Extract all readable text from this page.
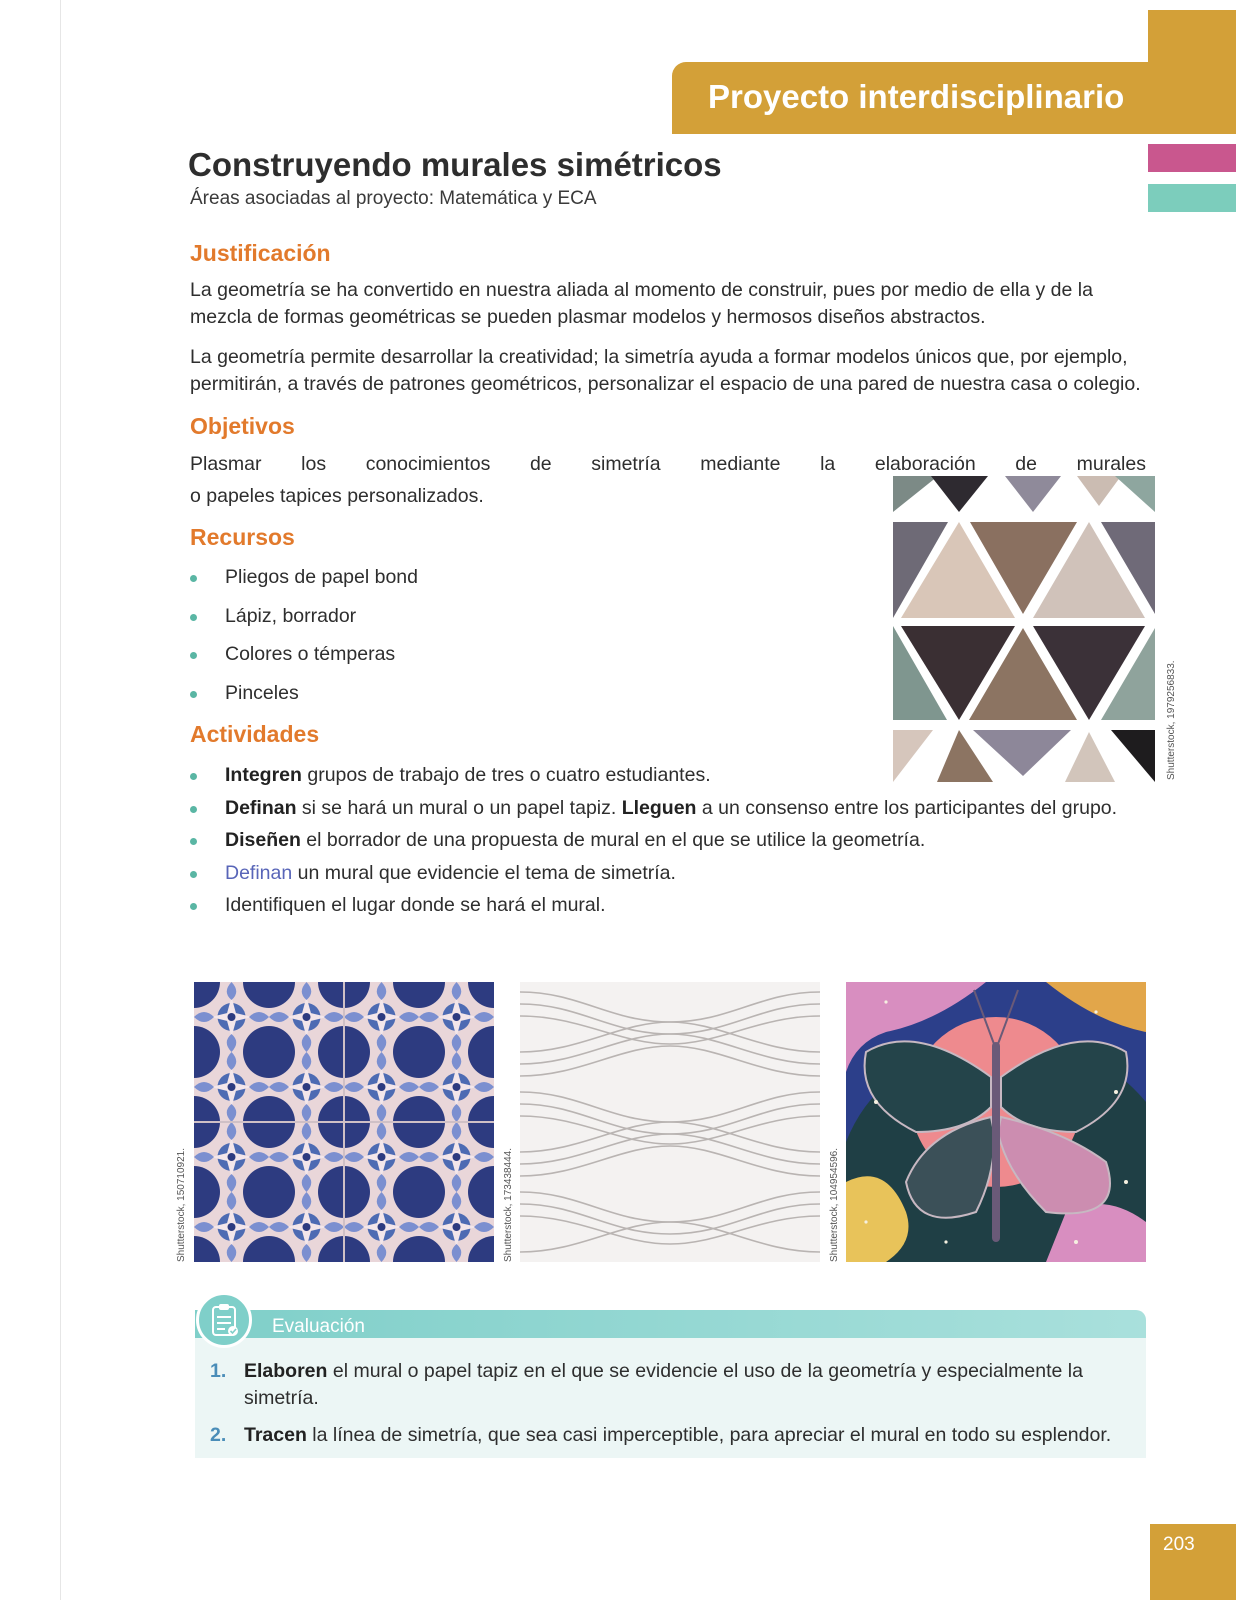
Proyecto interdisciplinario
Construyendo murales simétricos
Áreas asociadas al proyecto: Matemática y ECA
Justificación
La geometría se ha convertido en nuestra aliada al momento de construir, pues por medio de ella y de la mezcla de formas geométricas se pueden plasmar modelos y hermosos diseños abstractos.
La geometría permite desarrollar la creatividad; la simetría ayuda a formar modelos únicos que, por ejemplo, permitirán, a través de patrones geométricos, personalizar el espacio de una pared de nuestra casa o colegio.
Objetivos
Plasmar los conocimientos de simetría mediante la elaboración de murales
o papeles tapices personalizados.
Recursos
Pliegos de papel bond
Lápiz, borrador
Colores o témperas
Pinceles
Actividades
Integren grupos de trabajo de tres o cuatro estudiantes.
Definan si se hará un mural o un papel tapiz. Lleguen a un consenso entre los participantes del grupo.
Diseñen el borrador de una propuesta de mural en el que se utilice la geometría.
Definan un mural que evidencie el tema de simetría.
Identifiquen el lugar donde se hará el mural.
Shutterstock, 1979256833.
Shutterstock, 150710921.	Shutterstock, 173438444.	Shutterstock, 104954596.
Evaluación
1. Elaboren el mural o papel tapiz en el que se evidencie el uso de la geometría y especialmente la simetría.
2. Tracen la línea de simetría, que sea casi imperceptible, para apreciar el mural en todo su esplendor.
203
